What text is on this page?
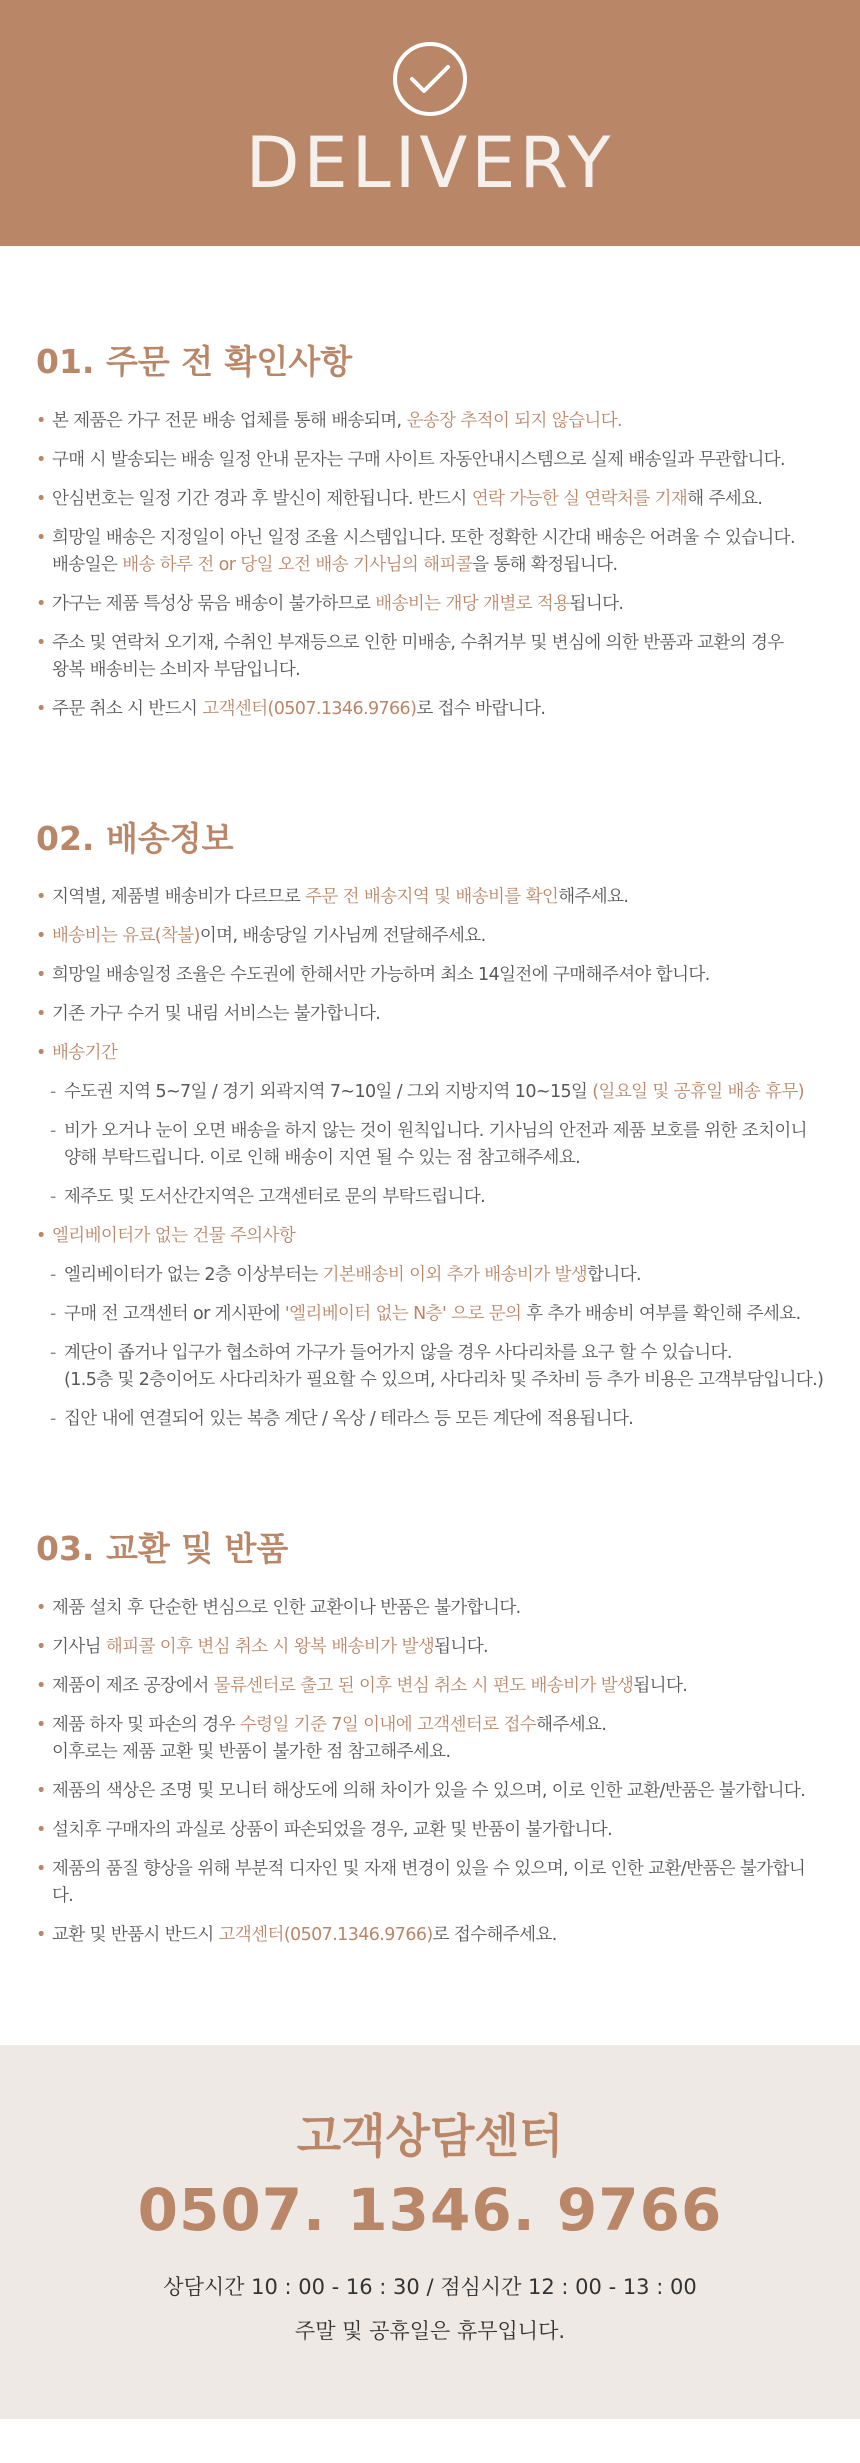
DELIVERY
01. 주문 전 확인사항
• 본 제품은 가구 전문 배송 업체를 통해 배송되며, 운송장 추적이 되지 않습니다.
• 구매 시 발송되는 배송 일정 안내 문자는 구매 사이트 자동안내시스템으로 실제 배송일과 무관합니다.
• 안심번호는 일정 기간 경과 후 발신이 제한됩니다. 반드시 연락 가능한 실 연락처를 기재해 주세요.
• 희망일 배송은 지정일이 아닌 일정 조율 시스템입니다. 또한 정확한 시간대 배송은 어려울 수 있습니다.
배송일은 배송 하루 전 or 당일 오전 배송 기사님의 해피콜을 통해 확정됩니다.
• 가구는 제품 특성상 묶음 배송이 불가하므로 배송비는 개당 개별로 적용됩니다.
• 주소 및 연락처 오기재, 수취인 부재등으로 인한 미배송, 수취거부 및 변심에 의한 반품과 교환의 경우
왕복 배송비는 소비자 부담입니다.
• 주문 취소 시 반드시 고객센터(0507.1346.9766)로 접수 바랍니다.
02. 배송정보
• 지역별, 제품별 배송비가 다르므로 주문 전 배송지역 및 배송비를 확인해주세요.
• 배송비는 유료(착불)이며, 배송당일 기사님께 전달해주세요.
• 희망일 배송일정 조율은 수도권에 한해서만 가능하며 최소 14일전에 구매해주셔야 합니다.
• 기존 가구 수거 및 내림 서비스는 불가합니다.
• 배송기간
- 수도권 지역 5~7일 / 경기 외곽지역 7~10일 / 그외 지방지역 10~15일 (일요일 및 공휴일 배송 휴무)
- 비가 오거나 눈이 오면 배송을 하지 않는 것이 원칙입니다. 기사님의 안전과 제품 보호를 위한 조치이니
양해 부탁드립니다. 이로 인해 배송이 지연 될 수 있는 점 참고해주세요.
- 제주도 및 도서산간지역은 고객센터로 문의 부탁드립니다.
• 엘리베이터가 없는 건물 주의사항
- 엘리베이터가 없는 2층 이상부터는 기본배송비 이외 추가 배송비가 발생합니다.
- 구매 전 고객센터 or 게시판에 '엘리베이터 없는 N층' 으로 문의 후 추가 배송비 여부를 확인해 주세요.
- 계단이 좁거나 입구가 협소하여 가구가 들어가지 않을 경우 사다리차를 요구 할 수 있습니다.
(1.5층 및 2층이어도 사다리차가 필요할 수 있으며, 사다리차 및 주차비 등 추가 비용은 고객부담입니다.)
- 집안 내에 연결되어 있는 복층 계단 / 옥상 / 테라스 등 모든 계단에 적용됩니다.
03. 교환 및 반품
• 제품 설치 후 단순한 변심으로 인한 교환이나 반품은 불가합니다.
• 기사님 해피콜 이후 변심 취소 시 왕복 배송비가 발생됩니다.
• 제품이 제조 공장에서 물류센터로 출고 된 이후 변심 취소 시 편도 배송비가 발생됩니다.
• 제품 하자 및 파손의 경우 수령일 기준 7일 이내에 고객센터로 접수해주세요.
이후로는 제품 교환 및 반품이 불가한 점 참고해주세요.
• 제품의 색상은 조명 및 모니터 해상도에 의해 차이가 있을 수 있으며, 이로 인한 교환/반품은 불가합니다.
• 설치후 구매자의 과실로 상품이 파손되었을 경우, 교환 및 반품이 불가합니다.
• 제품의 품질 향상을 위해 부분적 디자인 및 자재 변경이 있을 수 있으며, 이로 인한 교환/반품은 불가합니다.
• 교환 및 반품시 반드시 고객센터(0507.1346.9766)로 접수해주세요.
고객상담센터
0507. 1346. 9766
상담시간 10 : 00 - 16 : 30 / 점심시간 12 : 00 - 13 : 00
주말 및 공휴일은 휴무입니다.
